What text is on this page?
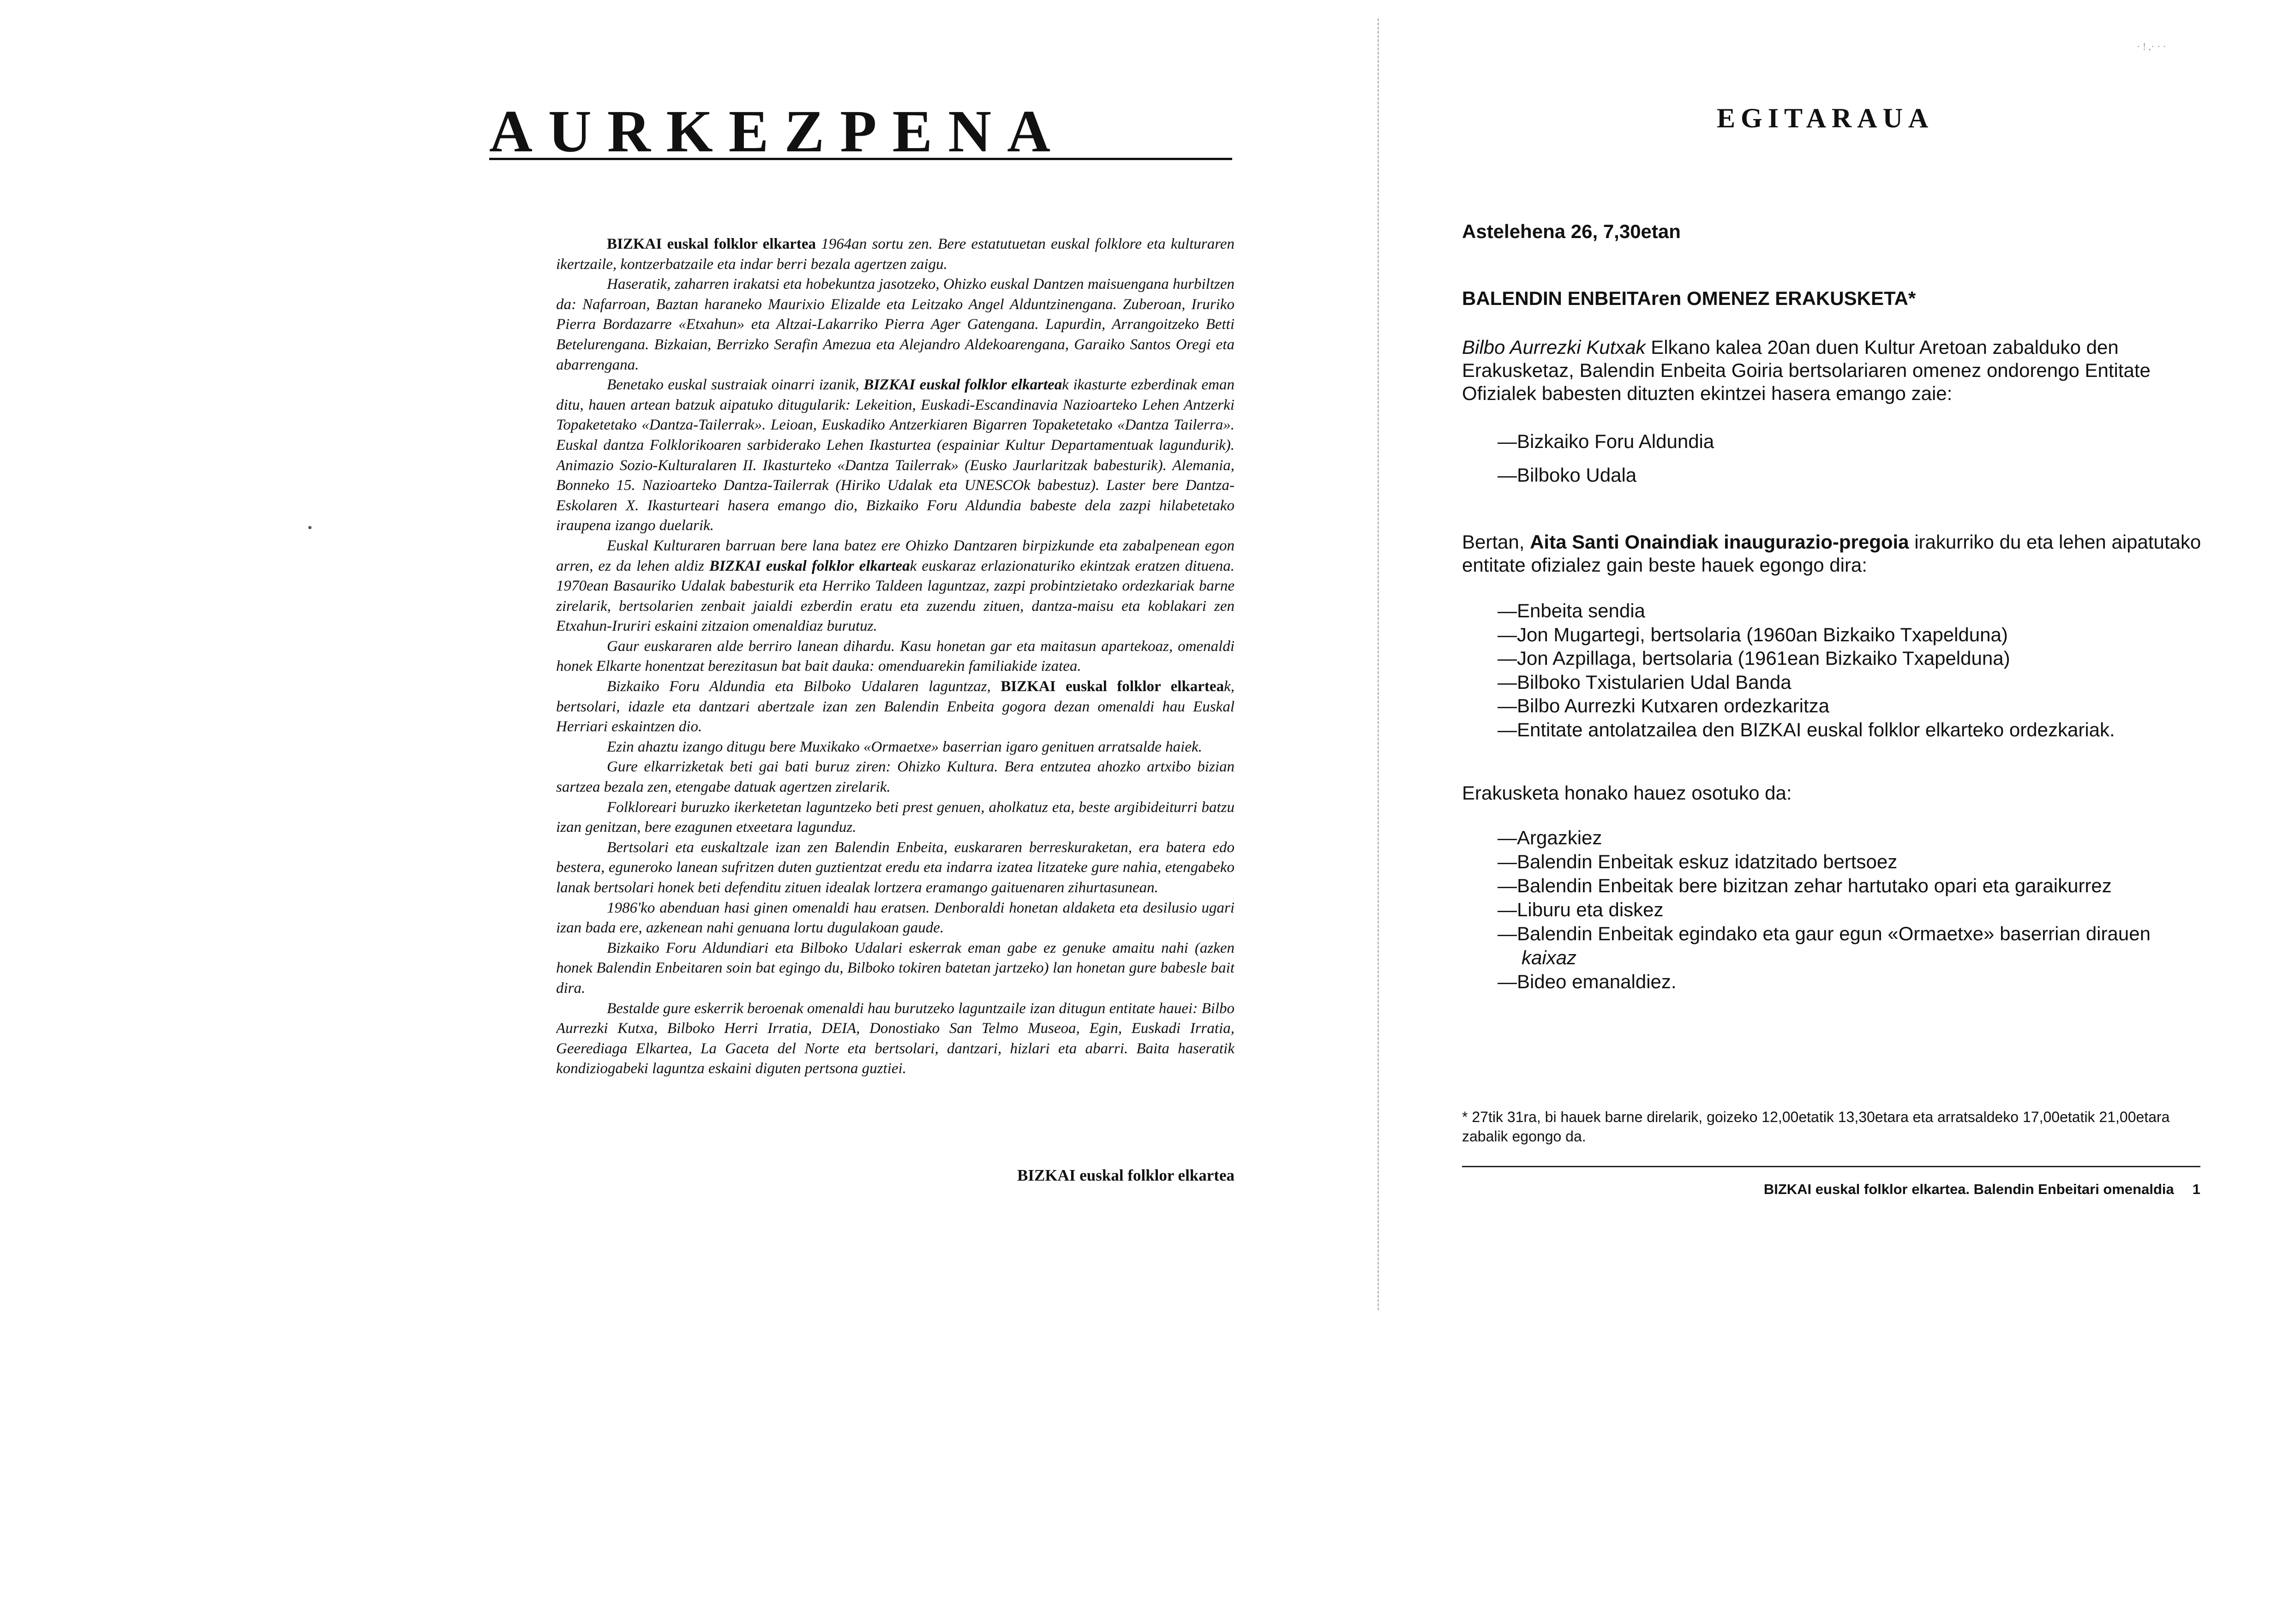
AURKEZPENA

BIZKAI euskal folklor elkartea 1964an sortu zen. Bere estatutuetan euskal folklore eta kulturaren ikertzaile, kontzerbatzaile eta indar berri bezala agertzen zaigu.

Haseratik, zaharren irakatsi eta hobekuntza jasotzeko, Ohizko euskal Dantzen maisuengana hurbiltzen da: Nafarroan, Baztan haraneko Maurixio Elizalde eta Leitzako Angel Alduntzinengana. Zuberoan, Iruriko Pierra Bordazarre «Etxahun» eta Altzai-Lakarriko Pierra Ager Gatengana. Lapurdin, Arrangoitzeko Betti Betelurengana. Bizkaian, Berrizko Serafin Amezua eta Alejandro Aldekoarengana, Garaiko Santos Oregi eta abarrengana.

Benetako euskal sustraiak oinarri izanik, BIZKAI euskal folklor elkarteak ikasturte ezberdinak eman ditu, hauen artean batzuk aipatuko ditugularik: Lekeition, Euskadi-Escandinavia Nazioarteko Lehen Antzerki Topaketetako «Dantza-Tailerrak». Leioan, Euskadiko Antzerkiaren Bigarren Topaketetako «Dantza Tailerra». Euskal dantza Folklorikoaren sarbiderako Lehen Ikasturtea (espainiar Kultur Departamentuak lagundurik). Animazio Sozio-Kulturalaren II. Ikasturteko «Dantza Tailerrak» (Eusko Jaurlaritzak babesturik). Alemania, Bonneko 15. Nazioarteko Dantza-Tailerrak (Hiriko Udalak eta UNESCOk babestuz). Laster bere Dantza-Eskolaren X. Ikasturteari hasera emango dio, Bizkaiko Foru Aldundia babeste dela zazpi hilabetetako iraupena izango duelarik.

Euskal Kulturaren barruan bere lana batez ere Ohizko Dantzaren birpizkunde eta zabalpenean egon arren, ez da lehen aldiz BIZKAI euskal folklor elkarteak euskaraz erlazionaturiko ekintzak eratzen dituena. 1970ean Basauriko Udalak babesturik eta Herriko Taldeen laguntzaz, zazpi probintzietako ordezkariak barne zirelarik, bertsolarien zenbait jaialdi ezberdin eratu eta zuzendu zituen, dantza-maisu eta koblakari zen Etxahun-Iruriri eskaini zitzaion omenaldiaz burutuz.

Gaur euskararen alde berriro lanean dihardu. Kasu honetan gar eta maitasun apartekoaz, omenaldi honek Elkarte honentzat berezitasun bat bait dauka: omenduarekin familiakide izatea.

Bizkaiko Foru Aldundia eta Bilboko Udalaren laguntzaz, BIZKAI euskal folklor elkarteak, bertsolari, idazle eta dantzari abertzale izan zen Balendin Enbeita gogora dezan omenaldi hau Euskal Herriari eskaintzen dio.

Ezin ahaztu izango ditugu bere Muxikako «Ormaetxe» baserrian igaro genituen arratsalde haiek.

Gure elkarrizketak beti gai bati buruz ziren: Ohizko Kultura. Bera entzutea ahozko artxibo bizian sartzea bezala zen, etengabe datuak agertzen zirelarik.

Folkloreari buruzko ikerketetan laguntzeko beti prest genuen, aholkatuz eta, beste argibideiturri batzu izan genitzan, bere ezagunen etxeetara lagunduz.

Bertsolari eta euskaltzale izan zen Balendin Enbeita, euskararen berreskuraketan, era batera edo bestera, eguneroko lanean sufritzen duten guztientzat eredu eta indarra izatea litzateke gure nahia, etengabeko lanak bertsolari honek beti defenditu zituen idealak lortzera eramango gaituenaren zihurtasunean.

1986'ko abenduan hasi ginen omenaldi hau eratsen. Denboraldi honetan aldaketa eta desilusio ugari izan bada ere, azkenean nahi genuana lortu dugulakoan gaude.

Bizkaiko Foru Aldundiari eta Bilboko Udalari eskerrak eman gabe ez genuke amaitu nahi (azken honek Balendin Enbeitaren soin bat egingo du, Bilboko tokiren batetan jartzeko) lan honetan gure babesle bait dira.

Bestalde gure eskerrik beroenak omenaldi hau burutzeko laguntzaile izan ditugun entitate hauei: Bilbo Aurrezki Kutxa, Bilboko Herri Irratia, DEIA, Donostiako San Telmo Museoa, Egin, Euskadi Irratia, Geerediaga Elkartea, La Gaceta del Norte eta bertsolari, dantzari, hizlari eta abarri. Baita haseratik kondiziogabeki laguntza eskaini diguten pertsona guztiei.

BIZKAI euskal folklor elkartea

· ! ,· · ·

EGITARAUA

Astelehena 26, 7,30etan

BALENDIN ENBEITAren OMENEZ ERAKUSKETA*

Bilbo Aurrezki Kutxak Elkano kalea 20an duen Kultur Aretoan zabalduko den Erakusketaz, Balendin Enbeita Goiria bertsolariaren omenez ondorengo Entitate Ofizialek babesten dituzten ekintzei hasera emango zaie:

—Bizkaiko Foru Aldundia
—Bilboko Udala

Bertan, Aita Santi Onaindiak inaugurazio-pregoia irakurriko du eta lehen aipatutako entitate ofizialez gain beste hauek egongo dira:

—Enbeita sendia
—Jon Mugartegi, bertsolaria (1960an Bizkaiko Txapelduna)
—Jon Azpillaga, bertsolaria (1961ean Bizkaiko Txapelduna)
—Bilboko Txistularien Udal Banda
—Bilbo Aurrezki Kutxaren ordezkaritza
—Entitate antolatzailea den BIZKAI euskal folklor elkarteko ordezkariak.

Erakusketa honako hauez osotuko da:

—Argazkiez
—Balendin Enbeitak eskuz idatzitado bertsoez
—Balendin Enbeitak bere bizitzan zehar hartutako opari eta garaikurrez
—Liburu eta diskez
—Balendin Enbeitak egindako eta gaur egun «Ormaetxe» baserrian dirauen
kaixaz
—Bideo emanaldiez.

* 27tik 31ra, bi hauek barne direlarik, goizeko 12,00etatik 13,30etara eta arratsaldeko 17,00etatik 21,00etara zabalik egongo da.

BIZKAI euskal folklor elkartea. Balendin Enbeitari omenaldia 1
